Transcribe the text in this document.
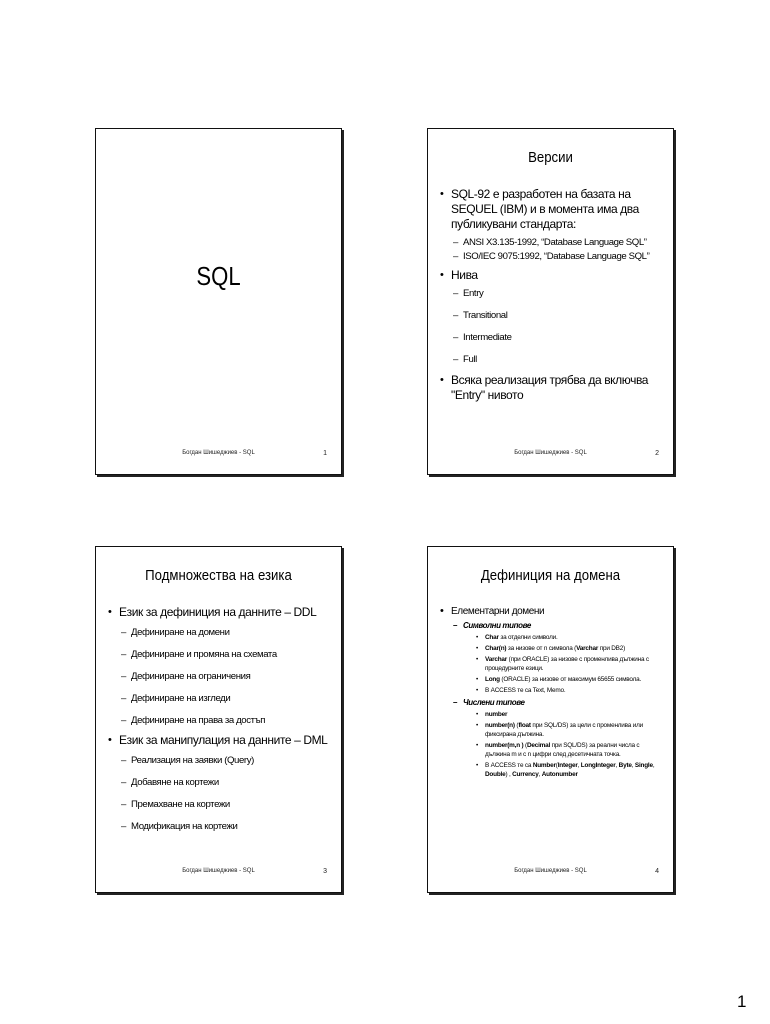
SQL
Богдан Шишеджиев - SQL	1
Версии
• SQL-92 е разработен на базата на SEQUEL (IBM) и в момента има два публикувани стандарта:
– ANSI X3.135-1992, “Database Language SQL”
– ISO/IEC 9075:1992, “Database Language SQL”
• Нива
– Entry
– Transitional
– Intermediate
– Full
• Всяка реализация трябва да включва "Entry" нивото
Богдан Шишеджиев - SQL	2
Подмножества на езика
• Език за дефиниция на данните – DDL
– Дефиниране на домени
– Дефиниране и промяна на схемата
– Дефиниране на ограничения
– Дефиниране на изгледи
– Дефиниране на права за достъп
• Език за манипулация на данните – DML
– Реализация на заявки (Query)
– Добавяне на кортежи
– Премахване на кортежи
– Модификация на кортежи
Богдан Шишеджиев - SQL	3
Дефиниция на домена
• Елементарни домени
– Символни типове
• Char за отделни символи.
• Char(n) за низове от n символа (Varchar при DB2)
• Varchar (при ORACLE) за низове с променлива дължина с процедурните езици.
• Long (ORACLE) за низове от максимум 65655 символа.
• В ACCESS те са Text, Memo.
– Числени типове
• number
• number(n) (float при SQL/DS) за цели с променлива или фиксирана дължина.
• number(m,n ) (Decimal при SQL/DS) за реални числа с дължина m и с n цифри след десетичната точка.
• В ACCESS те са Number(Integer, LongInteger, Byte, Single, Double) , Currency, Autonumber
Богдан Шишеджиев - SQL	4
1
